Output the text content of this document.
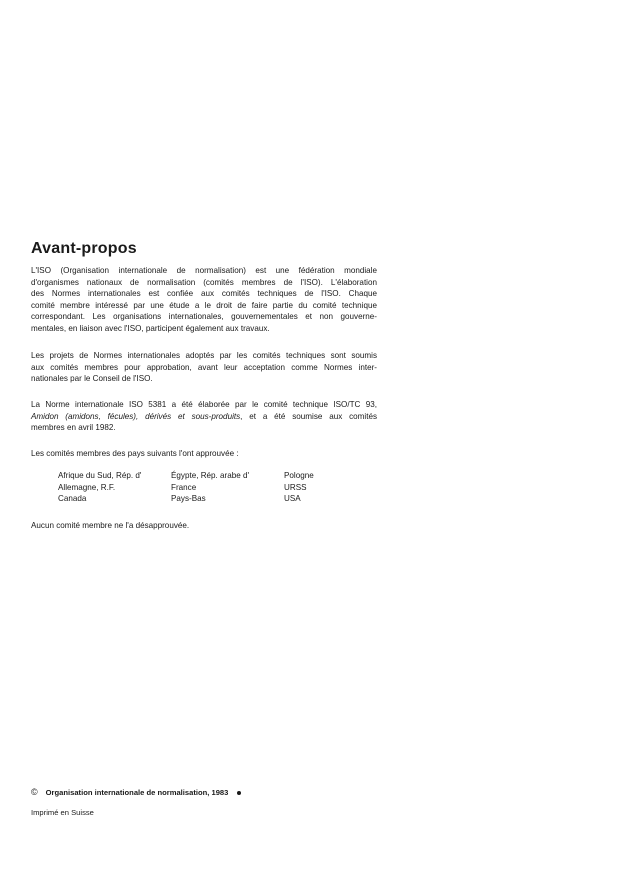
Avant-propos

L'ISO (Organisation internationale de normalisation) est une fédération mondiale
d'organismes nationaux de normalisation (comités membres de l'ISO). L'élaboration
des Normes internationales est confiée aux comités techniques de l'ISO. Chaque
comité membre intéressé par une étude a le droit de faire partie du comité technique
correspondant. Les organisations internationales, gouvernementales et non gouverne-
mentales, en liaison avec l'ISO, participent également aux travaux.

Les projets de Normes internationales adoptés par les comités techniques sont soumis
aux comités membres pour approbation, avant leur acceptation comme Normes inter-
nationales par le Conseil de l'ISO.

La Norme internationale ISO 5381 a été élaborée par le comité technique ISO/TC 93,
Amidon (amidons, fécules), dérivés et sous-produits, et a été soumise aux comités
membres en avril 1982.

Les comités membres des pays suivants l'ont approuvée :

Afrique du Sud, Rép. d'
Allemagne, R.F.
Canada
Égypte, Rép. arabe d'
France
Pays-Bas
Pologne
URSS
USA

Aucun comité membre ne l'a désapprouvée.

© Organisation internationale de normalisation, 1983
Imprimé en Suisse
